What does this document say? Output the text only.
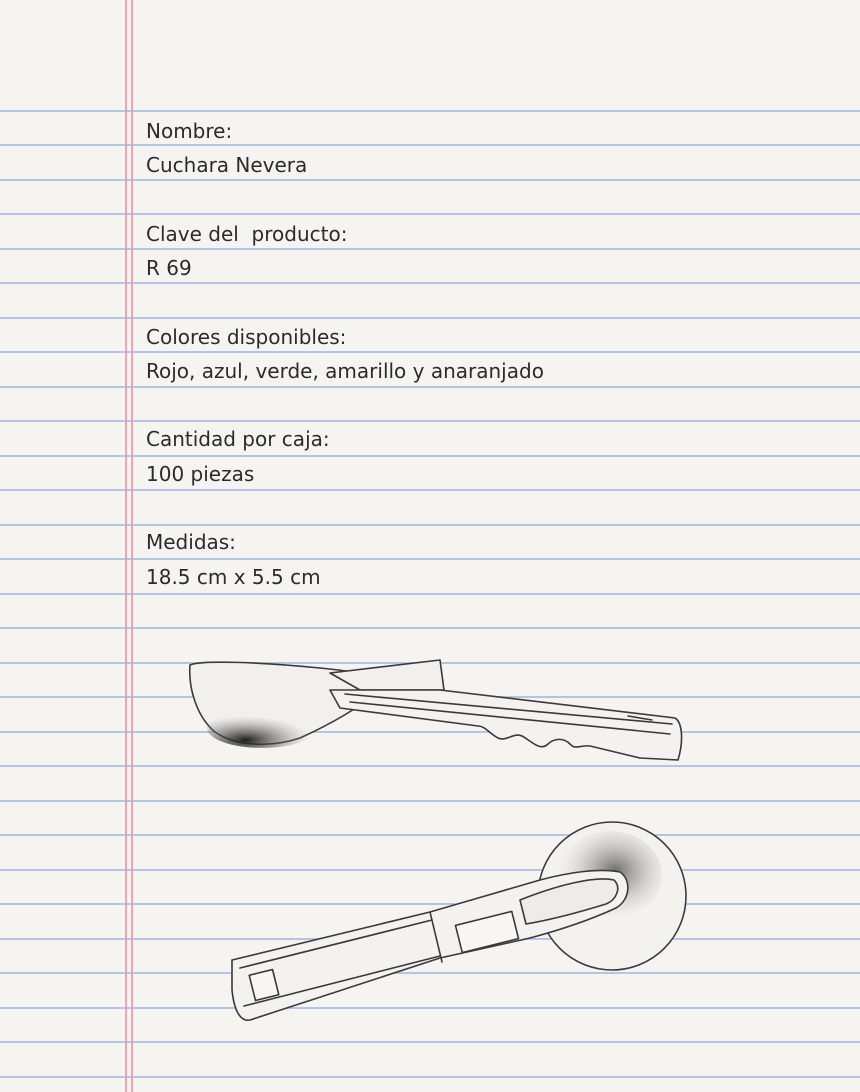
Nombre:
Cuchara Nevera
Clave del  producto:
R 69
Colores disponibles:
Rojo, azul, verde, amarillo y anaranjado
Cantidad por caja:
100 piezas
Medidas:
18.5 cm x 5.5 cm
